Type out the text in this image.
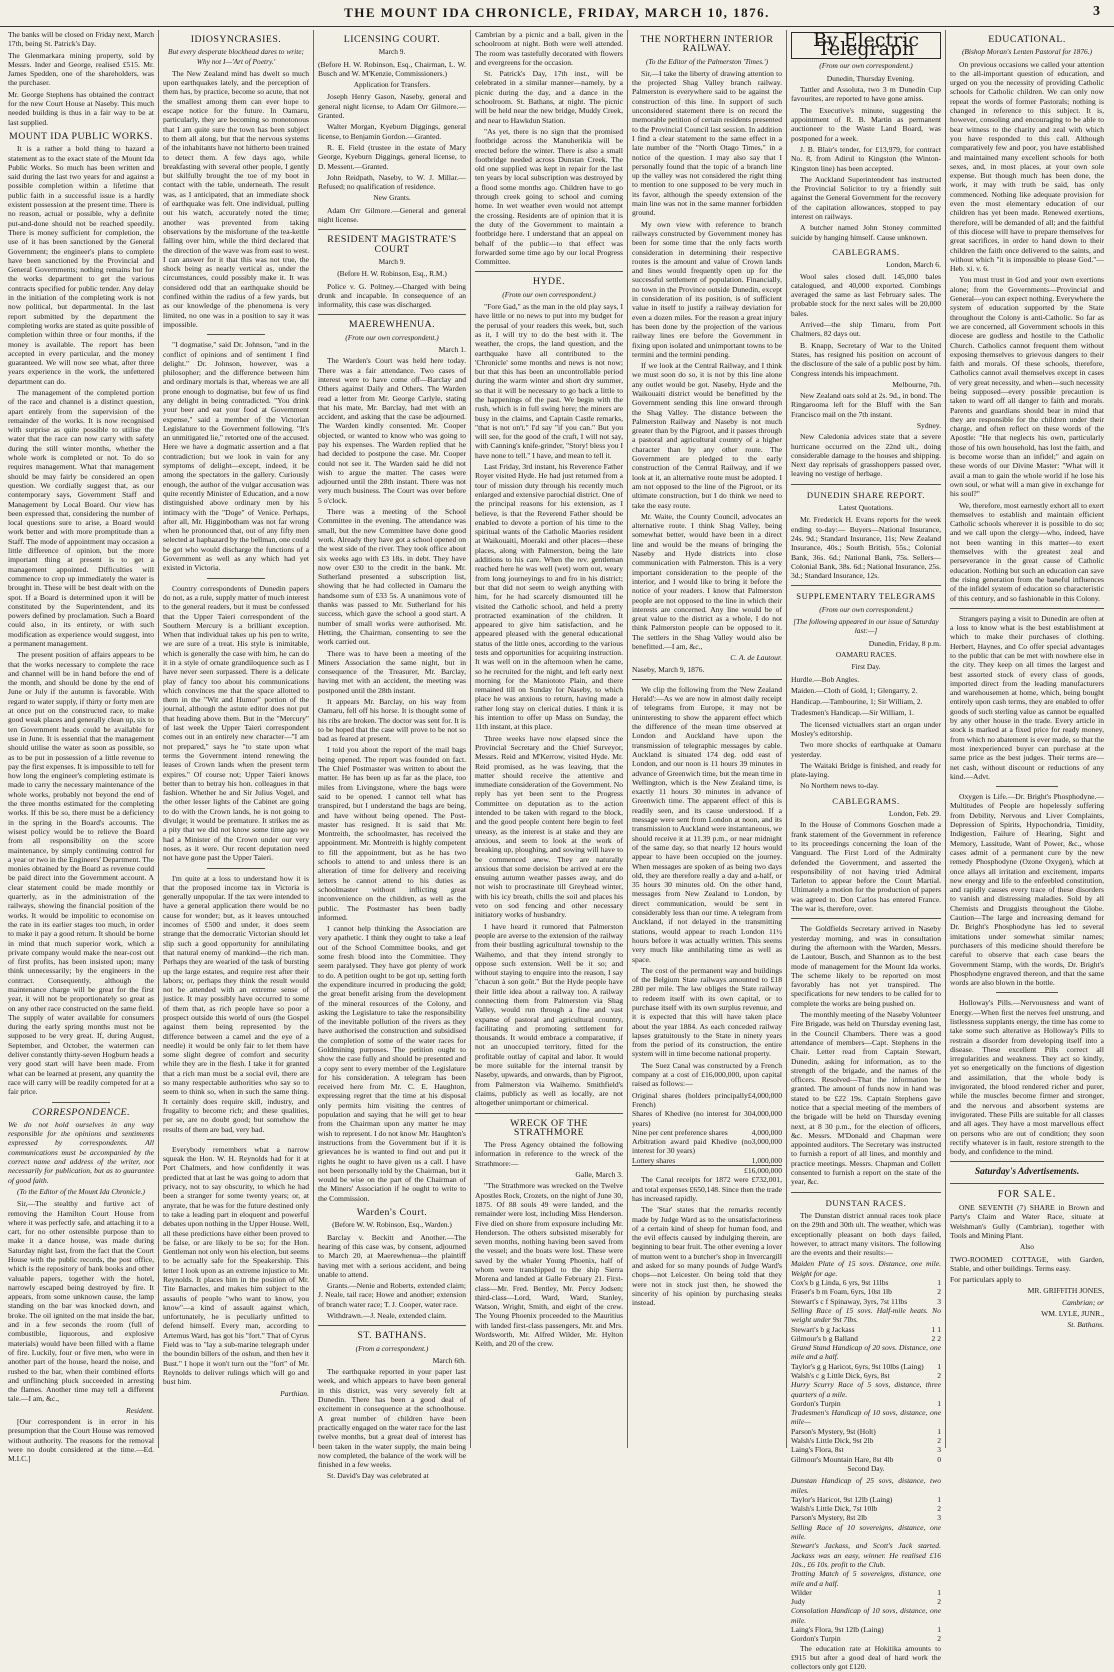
THE MOUNT IDA CHRONICLE, FRIDAY, MARCH 10, 1876.	3

The banks will be closed on Friday next, March 17th, being St. Patrick's Day.

The Glenmarkara mining property, sold by Messrs. Inder and George, realised £515. Mr. James Spedden, one of the shareholders, was the purchaser.

Mr. George Stephens has obtained the contract for the new Court House at Naseby. This much needed building is thus in a fair way to be at last supplied.

MOUNT IDA PUBLIC WORKS.

It is a rather a bold thing to hazard a statement as to the exact state of the Mount Ida Public Works. So much has been written and said during the last two years for and against a possible completion within a lifetime that public faith in a successful issue is a hardly existent possession at the present time. There is no reason, actual or possible, why a definite put-and-done should not be reached speedily. There is money sufficient for completion, the use of it has been sanctioned by the General Government; the engineer's plans to complete have been sanctioned by the Provincial and General Governments; nothing remains but for the works department to get the various contracts specified for public tender. Any delay in the initiation of the completing work is not now political, but departmental. In the last report submitted by the department the completing works are stated as quite possible of completion within three or four months, if the money is available. The report has been accepted in every particular, and the money guaranteed. We will now see what, after three years experience in the work, the unfettered department can do.

The management of the completed portion of the race and channel is a distinct question, apart entirely from the supervision of the remainder of the works. It is now recognised with surprise as quite possible to utilise the water that the race can now carry with safety during the still winter months, whether the whole work is completed or not. To do so requires management. What that management should be may fairly be considered an open question. We cordially suggest that, as our contemporary says, Government Staff and Management by Local Board. Our view has been expressed that, considering the number of local questions sure to arise, a Board would work better and with more promptitude than a Staff. The mode of appointment may occasion a little difference of opinion, but the more important thing at present is to get a management appointed. Difficulties will commence to crop up immediately the water is brought in. These will be best dealt with on the spot. If a Board is determined upon it will be constituted by the Superintendent, and its powers defined by proclamation. Such a Board could also, in its entirety, or with such modification as experience would suggest, into a permanent management.

The present position of affairs appears to be that the works necessary to complete the race and channel will be in hand before the end of the month, and should be done by the end of June or July if the autumn is favorable. With regard to water supply, if thirty or forty men are at once put on the constructed race, to make good weak places and generally clean up, six to ten Government heads could be available for use in June. It is essential that the management should utilise the water as soon as possible, so as to be put in possession of a little revenue to pay the first expenses. It is impossible to tell for how long the engineer's completing estimate is made to carry the necessary maintenance of the whole works, probably not beyond the end of the three months estimated for the completing works. If this be so, there must be a deficiency in the spring in the Board's accounts. The wisest policy would be to relieve the Board from all responsibility on the score maintenance, by simply continuing control for a year or two in the Engineers' Department. The monies obtained by the Board as revenue could be paid direct into the Government account. A clear statement could be made monthly or quarterly, as in the administration of the railways, showing the financial position of the works. It would be impolitic to economise on the rate in its earlier stages too much, in order to make it pay a good return. It should be borne in mind that much superior work, which a private company would make the near-cost out of first profits, has been insisted upon; many think unnecessarily; by the engineers in the contract. Consequently, although the maintenance charge will be great for the first year, it will not be proportionately so great as on any other race constructed on the same field. The supply of water available for consumers during the early spring months must not be supposed to be very great. If, during August, September, and October, the watermen can deliver constantly thirty-seven Hogburn heads a very good start will have been made. From what can be learned at present, any quantity the race will carry will be readily competed for at a fair price.

CORRESPONDENCE.

We do not hold ourselves in any way responsible for the opinions and sentiments expressed by correspondents. All communications must be accompanied by the correct name and address of the writer, not necessarily for publication, but as to guarantee of good faith.

(To the Editor of the Mount Ida Chronicle.)

Sir,—The stealthy and furtive act of removing the Hamilton Court House from where it was perfectly safe, and attaching it to a cart, for no other ostensible purpose than to make it a dance house, was made during Saturday night last, from the fact that the Court House with the public records, the post office, which is the repository of bank books and other valuable papers, together with the hotel, narrowly escaped being destroyed by fire. It appears, from some unknown cause, the lamp standing on the bar was knocked down, and broke. The oil ignited on the mat inside the bar, and in a few seconds the room (full of combustible, liquorous, and explosive materials) would have been filled with a flame of fire. Luckily, four or five men, who were in another part of the house, heard the noise, and rushed to the bar, when their combined efforts and unflinching pluck succeeded in arresting the flames. Another time may tell a different tale.—I am, &c.,

Resident.

[Our correspondent is in error in his presumption that the Court House was removed without authority. The reasons for the removal were no doubt considered at the time.—Ed. M.I.C.]

IDIOSYNCRASIES.
But every desperate blockhead dares to write; Why not I—'Art of Poetry.'

The New Zealand mind has dwelt so much upon earthquakes lately, and the perception of them has, by practice, become so acute, that not the smallest among them can ever hope to escape notice for the future. In Oamaru, particularly, they are becoming so monotonous that I am quite sure the town has been subject to them all along, but that the nervous systems of the inhabitants have not hitherto been trained to detect them. A few days ago, while breakfasting with several other people, I gently but skilfully brought the toe of my boot in contact with the table, underneath. The result was, as I anticipated, that an immediate shock of earthquake was felt. One individual, pulling out his watch, accurately noted the time; another was prevented from taking observations by the misfortune of the tea-kettle falling over him, while the third declared that the direction of the wave was from east to west. I can answer for it that this was not true, the shock being as nearly vertical as, under the circumstances, could possibly make it. It was considered odd that an earthquake should be confined within the radius of a few yards, but as our knowledge of the phenomena is very limited, no one was in a position to say it was impossible.

"I dogmatise," said Dr. Johnson, "and in the conflict of opinions and of sentiment I find delight." Dr. Johnson, however, was a philosopher; and the difference between him and ordinary mortals is that, whereas we are all prone enough to dogmatise, but few of us find any delight in being contradicted. "You drink your beer and eat your food at Government expense," said a member of the Victorian Legislature to the Government following. "It's an unmitigated lie," retorted one of the accused. Here we have a dogmatic assertion and a flat contradiction; but we look in vain for any symptoms of delight—except, indeed, it be among the spectators in the gallery. Curiously enough, the author of the vulgar accusation was quite recently Minister of Education, and a now distinguished above ordinary men by his intimacy with the "Doge" of Venice. Perhaps, after all, Mr. Higginbotham was not far wrong when he pronounced that, out of any fifty men selected at haphazard by the bellman, one could be got who would discharge the functions of a Government as well as any which had yet existed in Victoria.

Country correspondents of Dunedin papers do not, as a rule, supply matter of much interest to the general readers, but it must be confessed that the Upper Taieri correspondent of the Southern Mercury is a brilliant exception. When that individual takes up his pen to write, we are sure of a treat. His style is inimitable, which is generally the case with him, he can do it in a style of ornate grandiloquence such as I have never seen surpassed. There is a delicate play of fancy too about his communications which convinces me that the space allotted to them in the "Wit and Humor" portion of the journal, although the astute editor does not put that heading above them. But in the "Mercury" of last week the Upper Taieri correspondent comes out in an entirely new character—"I am not prepared," says he "to state upon what terms the Government intend renewing the leases of Crown lands when the present term expires." Of course not; Upper Taieri knows better than to betray his hon. colleagues in that fashion. Whether he and Sir Julius Vogel, and the other lesser lights of the Cabinet are going to do with the Crown lands, he is not going to divulge; it would be premature. It strikes me as a pity that we did not know some time ago we had a Minister of the Crown under our very noses, as it were. Our recent deputation need not have gone past the Upper Taieri.

I'm quite at a loss to understand how it is that the proposed income tax in Victoria is generally unpopular. If the tax were intended to have a general application there would be no cause for wonder; but, as it leaves untouched incomes of £500 and under, it does seem strange that the democratic Victorian should let slip such a good opportunity for annihilating that natural enemy of mankind—the rich man. Perhaps they are wearied of the task of bursting up the large estates, and require rest after their labors; or, perhaps they think the result would not be attended with an extreme sense of justice. It may possibly have occurred to some of them that, as rich people have so poor a prospect outside this world of ours (the Gospel against them being represented by the difference between a camel and the eye of a needle) it would be only fair to let them have some slight degree of comfort and security while they are in the flesh. I take it for granted that a rich man must be a social evil, there are so many respectable authorities who say so to seem to think so, when in such the same thing. It certainly does require skill, industry, and frugality to become rich; and these qualities, per se, are no doubt good; but somehow the results of them are bad, very bad.

Everybody remembers what a narrow squeak the Hon. W. H. Reynolds had for it at Port Chalmers, and how confidently it was predicted that at last he was going to adorn that privacy, not to say obscurity, to which he had been a stranger for some twenty years; or, at anyrate, that he was for the future destined only to take a leading part in eloquent and powerful debates upon nothing in the Upper House. Well, all these predictions have either been proved to be false, or are likely to be so; for the Hon. Gentleman not only won his election, but seems to be actually safe for the Speakership. This letter I look upon as an extreme injustice to Mr. Reynolds. It places him in the position of Mr. Tite Barnacles, and makes him subject to the assaults of people "who want to know, you know"—a kind of assault against which, unfortunately, he is peculiarly unfitted to defend himself. Every man, according to Artemus Ward, has got his "fort." That of Cyrus Field was to "lay a sub-marine telegraph under the boundin billers of the oshun, and then hev it Bust." I hope it won't turn out the "fort" of Mr. Reynolds to deliver rulings which will go and bust him.

Parthian.

LICENSING COURT.
March 9.

(Before H. W. Robinson, Esq., Chairman, L. W. Busch and W. M'Kenzie, Commissioners.)

Application for Transfers.

Joseph Henry Gason, Naseby, general and general night license, to Adam Orr Gilmore.—Granted.

Walter Morgan, Kyeburn Diggings, general license, to Benjamin Gordon.—Granted.

R. E. Field (trustee in the estate of Mary George, Kyeburn Diggings, general license, to D. Messent.—Granted.

John Reidpath, Naseby, to W. J. Millar.—Refused; no qualification of residence.

New Grants.

Adam Orr Gilmore.—General and general night license.

RESIDENT MAGISTRATE'S COURT
March 9.
(Before H. W. Robinson, Esq., R.M.)

Police v. G. Poltney.—Charged with being drunk and incapable. In consequence of an informality, this case was discharged.

MAEREWHENUA.
(From our own correspondent.)

March 1.

The Warden's Court was held here today. There was a fair attendance. Two cases of interest were to have come off—Barclay and Others against Daily and Others. The Warden read a letter from Mr. George Carlyle, stating that his mate, Mr. Barclay, had met with an accident, and asking that the case be adjourned. The Warden kindly consented. Mr. Cooper objected, or wanted to know who was going to pay his expenses. The Warden replied that he had decided to postpone the case. Mr. Cooper could not see it. The Warden said he did not wish to argue the matter. The cases were adjourned until the 28th instant. There was not very much business. The Court was over before 5 o'clock.

There was a meeting of the School Committee in the evening. The attendance was small, but the new Committee have done good work. Already they have got a school opened on the west side of the river. They took office about six weeks ago with £3 18s. in debt. They have now over £30 to the credit in the bank. Mr. Sutherland presented a subscription list, showing that he had collected in Oamaru the handsome sum of £33 5s. A unanimous vote of thanks was passed to Mr. Sutherland for his success, which gave the school a good start. A number of small works were authorised. Mr. Hetting, the Chairman, consenting to see the work carried out.

There was to have been a meeting of the Miners Association the same night, but in consequence of the Treasurer, Mr. Barclay, having met with an accident, the meeting was postponed until the 28th instant.

It appears Mr. Barclay, on his way from Oamaru, fell off his horse. It is thought some of his ribs are broken. The doctor was sent for. It is to be hoped that the case will prove to be not so bad as feared at present.

I told you about the report of the mail bags being opened. The report was founded on fact. The Chief Postmaster was written to about the matter. He has been up as far as the place, too miles from Livingstone, where the bags were said to be opened. I cannot tell what has transpired, but I understand the bags are being, and have without being opened. The Post-master has resigned. It is said that Mr. Montreith, the schoolmaster, has received the appointment. Mr. Montreith is highly competent to fill the appointment, but as he has two schools to attend to and unless there is an alteration of time for delivery and receiving letters he cannot attend to his duties as schoolmaster without inflicting great inconvenience on the children, as well as the public. The Postmaster has been badly informed.

I cannot help thinking the Association are very apathetic. I think they ought to take a leaf out of the School Committee books, and get some fresh blood into the Committee. They seem paralysed. They have got plenty of work to do. A petition ought to be got up, setting forth the expenditure incurred in producing the gold; the great benefit arising from the development of the mineral resources of the Colony, and asking the Legislature to take the responsibility of the inevitable pollution of the rivers as they have authorised the construction and subsidised the completion of some of the water races for Goldmining purposes. The petition ought to show the case fully and should be presented and a copy sent to every member of the Legislature for his consideration. A telegram has been received here from Mr. C. E. Haughton, expressing regret that the time at his disposal only permits him visiting the centres of population and saying that he will get to hear from the Chairman upon any matter he may wish to represent. I do not know Mr. Haughton's instructions from the Government but if it is grievances he is wanted to find out and put it rights he ought to have given us a call. I have not been personally told by the Chairman, but it would be wise on the part of the Chairman of the Miners' Association if he ought to write to the Commission.

Warden's Court.
(Before W. W. Robinson, Esq., Warden.)

Barclay v. Beckitt and Another.—The hearing of this case was, by consent, adjourned to March 20, at Maerewhenua—the plaintiff having met with a serious accident, and being unable to attend.

Grants.—Nenie and Roberts, extended claim; J. Neale, tail race; Howe and another; extension of branch water race; T. J. Cooper, water race.

Withdrawn.—J. Neale, extended claim.

ST. BATHANS.
(From a correspondent.)

March 6th.

The earthquake reported in your paper last week, and which appears to have been general in this district, was very severely felt at Dunedin. There has been a good deal of excitement in consequence at the schoolhouse. A great number of children have been practically engaged on the water race for the last twelve months, but a great deal of interest has been taken in the water supply, the main being now completed, the balance of the work will be finished in a few weeks.

St. David's Day was celebrated at

Cambrian by a picnic and a ball, given in the schoolroom at night. Both were well attended. The room was tastefully decorated with flowers and evergreens for the occasion.

St. Patrick's Day, 17th inst., will be celebrated in a similar manner—namely, by a picnic during the day, and a dance in the schoolroom. St. Bathans, at night. The picnic will be held near the new bridge, Muddy Creek, and near to Hawkdun Station.

"As yet, there is no sign that the promised footbridge across the Manuherikia will be erected before the winter. There is also a small footbridge needed across Dunstan Creek. The old one supplied was kept in repair for the last ten years by local subscription was destroyed by a flood some months ago. Children have to go through creek going to school and coming home. In wet weather even would not attempt the crossing. Residents are of opinion that it is the duty of the Government to maintain a footbridge here. I understand that an appeal on behalf of the public—to that effect was forwarded some time ago by our local Progress Committee.

HYDE.
(From our own correspondent.)

"Fore Gad," as the man in the old play says, I have little or no news to put into my budget for the perusal of your readers this week, but, such as it, I will try to do the best with it. The weather, the crops, the land question, and the earthquake have all contributed to the 'Chronicle' some months and news is not now; but that this has been an uncontrollable period during the warm winter and short dry summer, so that it will be necessary to go back a little to the happenings of the past. We begin with the rush, which is in full swing here; the miners are busy in the claims, and Captain Castle remarks, "that is not on't." I'd say "if you can." But you will see, for the good of the craft, I will not say, with Canning's knife-grinder, "Story! bless you I have none to tell." I have, and mean to tell it.

Last Friday, 3rd instant, his Reverence Father Royer visited Hyde. He had just returned from a tour of mission duty through his recently much enlarged and extensive parochial district. One of the principal reasons for his extension, as I believe, is that the Reverend Father should be enabled to devote a portion of his time to the spiritual wants of the Catholic Maories resident at Waikouaiti, Moeraki and other places—these places, along with Palmerston, being the late additions to his care. When the rev. gentleman reached here he was well (wet) worn out, weary from long journeyings to and fro in his district; but that did not seem to weigh anything with him, for he had scarcely dismounted till he visited the Catholic school, and held a pretty protracted examination of the children. It appeared to give him satisfaction, and he appeared pleased with the general educational status of the little ones, according to the various tests and opportunities for acquiring instruction. It was well on in the afternoon when he came, so he recruited for the night, and left early next morning for the Maniototo Plain, and there remained till on Sunday for Naseby, to which place he was anxious to return, having made a rather long stay on clerical duties. I think it is his intention to offer up Mass on Sunday, the 11th instant, at this place.

Three weeks have now elapsed since the Provincial Secretary and the Chief Surveyor, Messrs. Reid and M'Kerrow, visited Hyde. Mr. Reid promised, as he was leaving, that the matter should receive the attentive and immediate consideration of the Government. No reply has yet been sent to the Progress Committee on deputation as to the action intended to be taken with regard to the block, and the good people content here begin to feel uneasy, as the interest is at stake and they are anxious, and seem to look at the work of breaking up, ploughing, and sowing will have to be commenced anew. They are naturally anxious that some decision be arrived at ere the ensuing autumn weather passes away, and do not wish to procrastinate till Greyhead winter, with his icy breath, chills the soil and places his veto on sod fencing and other necessary initiatory works of husbandry.

I have heard it rumored that Palmerston people are averse to the extension of the railway from their bustling agricultural township to the Waihemo, and that they intend strongly to oppose such extension. Well be it so; and without staying to enquire into the reason, I say "chacun à son goût." But the Hyde people have their little idea about a railway too. A railway connecting them from Palmerston via Shag Valley, would run through a fine and vast expanse of pastoral and agricultural country, facilitating and promoting settlement for thousands. It would embrace a comparative, if not an unoccupied territory, fitted for the profitable outlay of capital and labor. It would be more suitable for the internal transit by Naseby, upwards, and onwards, than by Pigroot, from Palmerston via Waihemo. Smithfield's claims, publicly as well as locally, are not altogether unimportant or chimerical.

WRECK OF THE STRATHMORE

The Press Agency obtained the following information in reference to the wreck of the Strathmore:—

Galle, March 3.

"The Strathmore was wrecked on the Twelve Apostles Rock, Crozets, on the night of June 30, 1875. Of 88 souls 49 were landed, and the remainder were lost, including Miss Henderson. Five died on shore from exposure including Mr. Henderson. The others subsisted miserably for seven months, nothing having been saved from the vessel; and the boats were lost. These were saved by the whaler Young Phoenix, half of whom were transhipped to the ship Sierra Morena and landed at Galle February 21. First-class—Mr. Fred. Bentley, Mr. Percy Jodsen; third-class—Lord, Ward, Ward, Stanley, Watson, Wright, Smith, and eight of the crew. The Young Phoenix proceeded to the Mauritius with landed first-class passengers, Mr. and Mrs. Wordsworth, Mr. Alfred Wilder, Mr. Hylton Keith, and 20 of the crew.

THE NORTHERN INTERIOR RAILWAY.
(To the Editor of the Palmerston 'Times.')

Sir,—I take the liberty of drawing attention to the projected Shag Valley branch railway. Palmerston is everywhere said to be against the construction of this line. In support of such unconsidered statement there is on record the memorable petition of certain residents presented to the Provincial Council last session. In addition I find a clear statement to the same effect in a late number of the "North Otago Times," in a notice of the question. I may also say that I personally found that the topic of a branch line up the valley was not considered the right thing to mention to one supposed to be very much in its favor, although the speedy extension of the main line was not in the same manner forbidden ground.

My own view with reference to branch railways constructed by Government money has been for some time that the only facts worth consideration in determining their respective routes is the amount and value of Crown lands and lines would frequently open up for the successful settlement of population. Financially, no town in the Province outside Dunedin, except in consideration of its position, is of sufficient value in itself to justify a railway deviation for even a dozen miles. For the reason a great injury has been done by the projection of the various railway lines ere before the Government in fixing upon isolated and unimportant towns to be termini and the termini pending.

If we look at the Central Railway, and I think we must soon do so, it is not by this line alone any outlet would be got. Naseby, Hyde and the Waikouaiti district would be benefitted by the Government sending this line onward through the Shag Valley. The distance between the Palmerston Railway and Naseby is not much greater than by the Pigroot, and it passes through a pastoral and agricultural country of a higher character than by any other route. The Government are pledged to the early construction of the Central Railway, and if we look at it, an alternative route must be adopted. I am not opposed to the line of the Pigroot, or its ultimate construction, but I do think we need to take the easy route.

Mr. Waite, the County Council, advocates an alternative route. I think Shag Valley, being somewhat better, would have been in a direct line and would be the means of bringing the Naseby and Hyde districts into close communication with Palmerston. This is a very important consideration to the people of the interior, and I would like to bring it before the notice of your readers. I know that Palmerston people are not opposed to the line in which their interests are concerned. Any line would be of great value to the district as a whole, I do not think Palmerston people can be opposed to it. The settlers in the Shag Valley would also be benefitted.—I am, &c.,

C. A. de Lautour.

Naseby, March 9, 1876.

We clip the following from the 'New Zealand Herald':—As we are now in almost daily receipt of telegrams from Europe, it may not be uninteresting to show the apparent effect which the difference of the mean time observed at London and Auckland have upon the transmission of telegraphic messages by cable. Auckland is situated 174 deg. odd east of London, and our noon is 11 hours 39 minutes in advance of Greenwich time, but the mean time in Wellington, which is the New Zealand time, is exactly 11 hours 30 minutes in advance of Greenwich time. The apparent effect of this is readily seen, and its cause understood. If a message were sent from London at noon, and its transmission to Auckland were instantaneous, we should receive it at 11.39 p.m., or near midnight of the same day, so that nearly 12 hours would appear to have been occupied on the journey. When messages are spoken of as being two days old, they are therefore really a day and a-half, or 35 hours 30 minutes old. On the other hand, messages from New Zealand to London, by direct communication, would be sent in considerably less than our time. A telegram from Auckland, if not delayed in the transmitting stations, would appear to reach London 11½ hours before it was actually written. This seems very much like annihilating time as well as space.

The cost of the permanent way and buildings of the Belgium State railways amounted to £18 280 per mile. The law obliges the State railway to redeem itself with its own capital, or to purchase itself with its own surplus revenue, and it is expected that this will have taken place about the year 1884. As each conceded railway lapses gratuitously to the State in ninety years from the period of its construction, the entire system will in time become national property.

The Suez Canal was constructed by a French company at a cost of £16,000,000, upon capital raised as follows:—

Original shares (holders principally French)
£4,000,000
Shares of Khedive (no interest for 30 years)
4,000,000
Nine per cent preference shares	4,000,000
Arbitration award paid Khedive (no interest for 30 years)
3,000,000
Lottery shares	1,000,000
£16,000,000

The Canal receipts for 1872 were £732,001, and total expenses £650,148. Since then the trade has increased rapidly.

The 'Star' states that the remarks recently made by Judge Ward as to the unsatisfactoriness of a certain kind of sheep for human food, and the evil effects caused by indulging therein, are beginning to bear fruit. The other evening a lover of mutton went to a butcher's shop in Invercargill and asked for so many pounds of Judge Ward's chops—not Leicester. On being told that they were not in stock just then, he showed the sincerity of his opinion by purchasing steaks instead.

By Electric Telegraph
(From our own correspondent.)

Dunedin, Thursday Evening.

Tattler and Assoluta, two 3 m Dunedin Cup favourites, are reported to have gone amiss.

The Executive's minute, suggesting the appointment of R. B. Martin as permanent auctioneer to the Waste Land Board, was postponed for a week.

J. B. Blair's tender, for £13,979, for contract No. 8, from Adirul to Kingston (the Winton-Kingston line) has been accepted.

The Auckland Superintendent has instructed the Provincial Solicitor to try a friendly suit against the General Government for the recovery of the capitation allowances, stopped to pay interest on railways.

A butcher named John Stoney committed suicide by hanging himself. Cause unknown.

CABLEGRAMS.

London, March 6.

Wool sales closed dull. 145,000 bales catalogued, and 40,000 exported. Combings averaged the same as last February sales. The probable stock for the next sales will be 20,000 bales.

Arrived—the ship Timaru, from Port Chalmers, 82 days out.

B. Knapp, Secretary of War to the United States, has resigned his position on account of the disclosure of the sale of a public post by him. Congress intends his impeachment.

Melbourne, 7th.

New Zealand oats sold at 2s. 9d., in bond. The Ringarooma left for the Bluff with the San Francisco mail on the 7th instant.

Sydney.

New Caledonia advices state that a severe hurricane occurred on the 22nd ult., doing considerable damage to the houses and shipping. Next day reprisals of grasshoppers passed over, leaving no vestige of herbage.

DUNEDIN SHARE REPORT.
Latest Quotations.

Mr. Frederick H. Evans reports for the week ending to-day:— Buyers—National Insurance, 24s. 9d.; Standard Insurance, 11s; New Zealand Insurance, 40s.; South British, 55s.; Colonial Bank, 36s. 6d.; National Bank, 75s. Sellers—Colonial Bank, 38s. 6d.; National Insurance, 25s. 3d.; Standard Insurance, 12s.

SUPPLEMENTARY TELEGRAMS
(From our own correspondent.)
[The following appeared in our issue of Saturday last:—]

Dunedin, Friday, 8 p.m.

OAMARU RACES.
First Day.

Hurdle.—Bob Angles.

Maiden.—Cloth of Gold, 1; Glengarry, 2.

Handicap.—Tambourine, 1; Sir William, 2.

Tradesmen's Handicap.—Sir William, 1.

The licensed victuallers start an organ under Mosley's editorship.

Two more shocks of earthquake at Oamaru yesterday.

The Waitaki Bridge is finished, and ready for plate-laying.

No Northern news to-day.

CABLEGRAMS.

London, Feb. 29.

In the House of Commons Goschen made a frank statement of the Government in reference to its proceedings concerning the loan of the Vanguard. The First Lord of the Admiralty defended the Government, and asserted the responsibility of not having tried Admiral Tarleton to appear before the Court Martial. Ultimately a motion for the production of papers was agreed to. Don Carlos has entered France. The war is, therefore, over.

The Goldfields Secretary arrived in Naseby yesterday morning, and was in consultation during the afternoon with the Warden, Messrs. de Lautour, Busch, and Shannon as to the best mode of management for the Mount Ida works. The scheme likely to be reported on most favorably has not yet transpired. The specifications for new tenders to be called for to complete the works are being pushed on.

The monthly meeting of the Naseby Volunteer Fire Brigade, was held on Thursday evening last, in the Council Chambers. There was a good attendance of members—Capt. Stephens in the Chair. Letter read from Captain Stewart, Dunedin, asking for information, as to the strength of the brigade, and the names of the officers. Resolved—That the information be granted. The amount of funds now in hand was stated to be £22 19s. Captain Stephens gave notice that a special meeting of the members of the brigade will be held on Thursday evening next, at 8 30 p.m., for the election of officers, &c. Messrs. M'Donald and Chapman were appointed auditors. The Secretary was instructed to furnish a report of all lines, and monthly and practice meetings. Messrs. Chapman and Collett consented to furnish a report on the state of the year, &c.

DUNSTAN RACES.

The Dunstan district annual races took place on the 29th and 30th ult. The weather, which was exceptionally pleasant on both days failed, however, to attract many visitors. The following are the events and their results:—

Maiden Plate of 15 sovs. Distance, one mile. Weight for age.
Cox's b g Linda, 6 yrs, 9st 11lbs	1
Fraser's b m Foam, 6yrs, 10st 1lb	2
Stewart's c f Spinaway, 3yrs, 7st 11lbs	3
Selling Race of 15 sovs. Half-mile heats. No weight under 9st 7lbs.
Stewart's b g Jackass	1 1
Gilmour's b g Balland	2 2
Grand Stand Handicap of 20 sovs. Distance, one mile and a half.
Taylor's g g Haricot, 6yrs, 9st 10lbs (Laing) 1
Walsh's c g Little Dick, 6yrs, 8st	2
Hurry Scurry Race of 5 sovs, distance, three quarters of a mile.
Gordon's Turpin	1
Tradesmen's Handicap of 10 sovs, distance, one mile—
Parson's Mystery, 9st (Holt)	1
Walsh's Little Dick, 9st 2lb	2
Laing's Flora, 8st	3
Gilmour's Mountain Hare, 8st 4lb	0
Second Day.
Dunstan Handicap of 25 sovs, distance, two miles.
Taylor's Haricot, 9st 12lb (Laing)	1
Walsh's Little Dick, 7st 10lb	2
Parson's Mystery, 8st 2lb	3
Selling Race of 10 sovereigns, distance, one mile.
Stewart's Jackass, and Scott's Jack started. Jackass was an easy, winner. He realised £16 10s., £6 10s. profit to the Club.
Trotting Match of 5 sovereigns, distance, one mile and a half.
Wilder	1
Judy	2
Consolation Handicap of 10 sovs, distance, one mile.
Laing's Flora, 9st 12lb (Laing)	1
Gordon's Turpin	2

The education rate at Hokitika amounts to £915 but after a good deal of hard work the collectors only got £120.

EDUCATIONAL.
(Bishop Moran's Lenten Pastoral for 1876.)

On previous occasions we called your attention to the all-important question of education, and urged on you the necessity of providing Catholic schools for Catholic children. We can only now repeat the words of former Pastorals; nothing is changed in reference to this subject. It is, however, consoling and encouraging to be able to bear witness to the charity and zeal with which you have responded to this call. Although comparatively few and poor, you have established and maintained many excellent schools for both sexes, and, in most places, at your own sole expense. But though much has been done, the work, it may with truth be said, has only commenced. Nothing like adequate provision for even the most elementary education of our children has yet been made. Renewed exertions, therefore, will be demanded of all; and the faithful of this diocese will have to prepare themselves for great sacrifices, in order to hand down to their children the faith once delivered to the saints, and without which "it is impossible to please God."—Heb. xi. v. 6.

You must trust in God and your own exertions alone; from the Governments—Provincial and General—you can expect nothing. Everywhere the system of education supported by the State throughout the Colony is anti-Catholic. So far as we are concerned, all Government schools in this diocese are godless and hostile to the Catholic Church. Catholics cannot frequent them without exposing themselves to grievous dangers to their faith and morals. Of these schools, therefore, Catholics cannot avail themselves except in cases of very great necessity, and when—such necessity being supposed—every possible precaution is taken to ward off all danger to faith and morals. Parents and guardians should bear in mind that they are responsible for the children under their charge, and often reflect on these words of the Apostle: "He that neglects his own, particularly those of his own household, has lost the faith, and is become worse than an infidel;" and again on these words of our Divine Master: "What will it avail a man to gain the whole world if he lose his own soul, or what will a man give in exchange for his soul?"

We, therefore, most earnestly exhort all to exert themselves to establish and maintain efficient Catholic schools wherever it is possible to do so; and we call upon the clergy—who, indeed, have not been wanting in this matter—to exert themselves with the greatest zeal and perseverance in the great cause of Catholic education. Nothing but such an education can save the rising generation from the baneful influences of the infidel system of education so characteristic of this century, and so fashionable in this Colony.

Strangers paying a visit to Dunedin are often at a loss to know what is the best establishment at which to make their purchases of clothing. Herbert, Haynes, and Co offer special advantages to the public that can be met with nowhere else in the city. They keep on all times the largest and best assorted stock of every class of goods, imported direct from the leading manufacturers and warehousemen at home, which, being bought entirely upon cash terms, they are enabled to offer goods of such sterling value as cannot be equalled by any other house in the trade. Every article in stock is marked at a fixed price for ready money, from which no abatement is ever made, so that the most inexperienced buyer can purchase at the same price as the best judges. Their terms are—net cash, without discount or reductions of any kind.—Advt.

Oxygen is Life.—Dr. Bright's Phosphodyne.—Multitudes of People are hopelessly suffering from Debility, Nervous and Liver Complaints, Depression of Spirits, Hypochondria, Timidity, Indigestion, Failure of Hearing, Sight and Memory, Lassitude, Want of Power, &c., whose cases admit of a permanent cure by the new remedy Phosphodyne (Ozone Oxygen), which at once allays all irritation and excitement, imparts new energy and life to the enfeebled constitution, and rapidly causes every trace of these disorders to vanish and distressing maladies. Sold by all Chemists and Druggists throughout the Globe. Caution—The large and increasing demand for Dr. Bright's Phosphodyne has led to several imitations under somewhat similar names; purchasers of this medicine should therefore be careful to observe that each case bears the Government Stamp, with the words, Dr. Bright's Phosphodyne engraved thereon, and that the same words are also blown in the bottle.

Holloway's Pills.—Nervousness and want of Energy.—When first the nerves feel unstrung, and listlessness supplants energy, the time has come to take some such alterative as Holloway's Pills to restrain a disorder from developing itself into a disease. These excellent Pills correct all irregularities and weakness. They act so kindly, yet so energetically on the functions of digestion and assimilation, that the whole body is invigorated, the blood rendered richer and purer, while the muscles become firmer and stronger, and the nervous and absorbent systems are invigorated. These Pills are suitable for all classes and all ages. They have a most marvellous effect on persons who are out of condition; they soon rectify whatever is in fault, restore strength to the body, and confidence to the mind.

Saturday's Advertisements.
FOR SALE.

ONE SEVENTH (7) SHARE in Brown and Party's Claim and Water Race, situate at Welshman's Gully (Cambrian), together with Tools and Mining Plant.

Also

TWO-ROOMED COTTAGE, with Garden, Stable, and other buildings. Terms easy.

For particulars apply to

MR. GRIFFITH JONES,

Cambrian; or

WM. LYLE, JUNR.,

St. Bathans.
